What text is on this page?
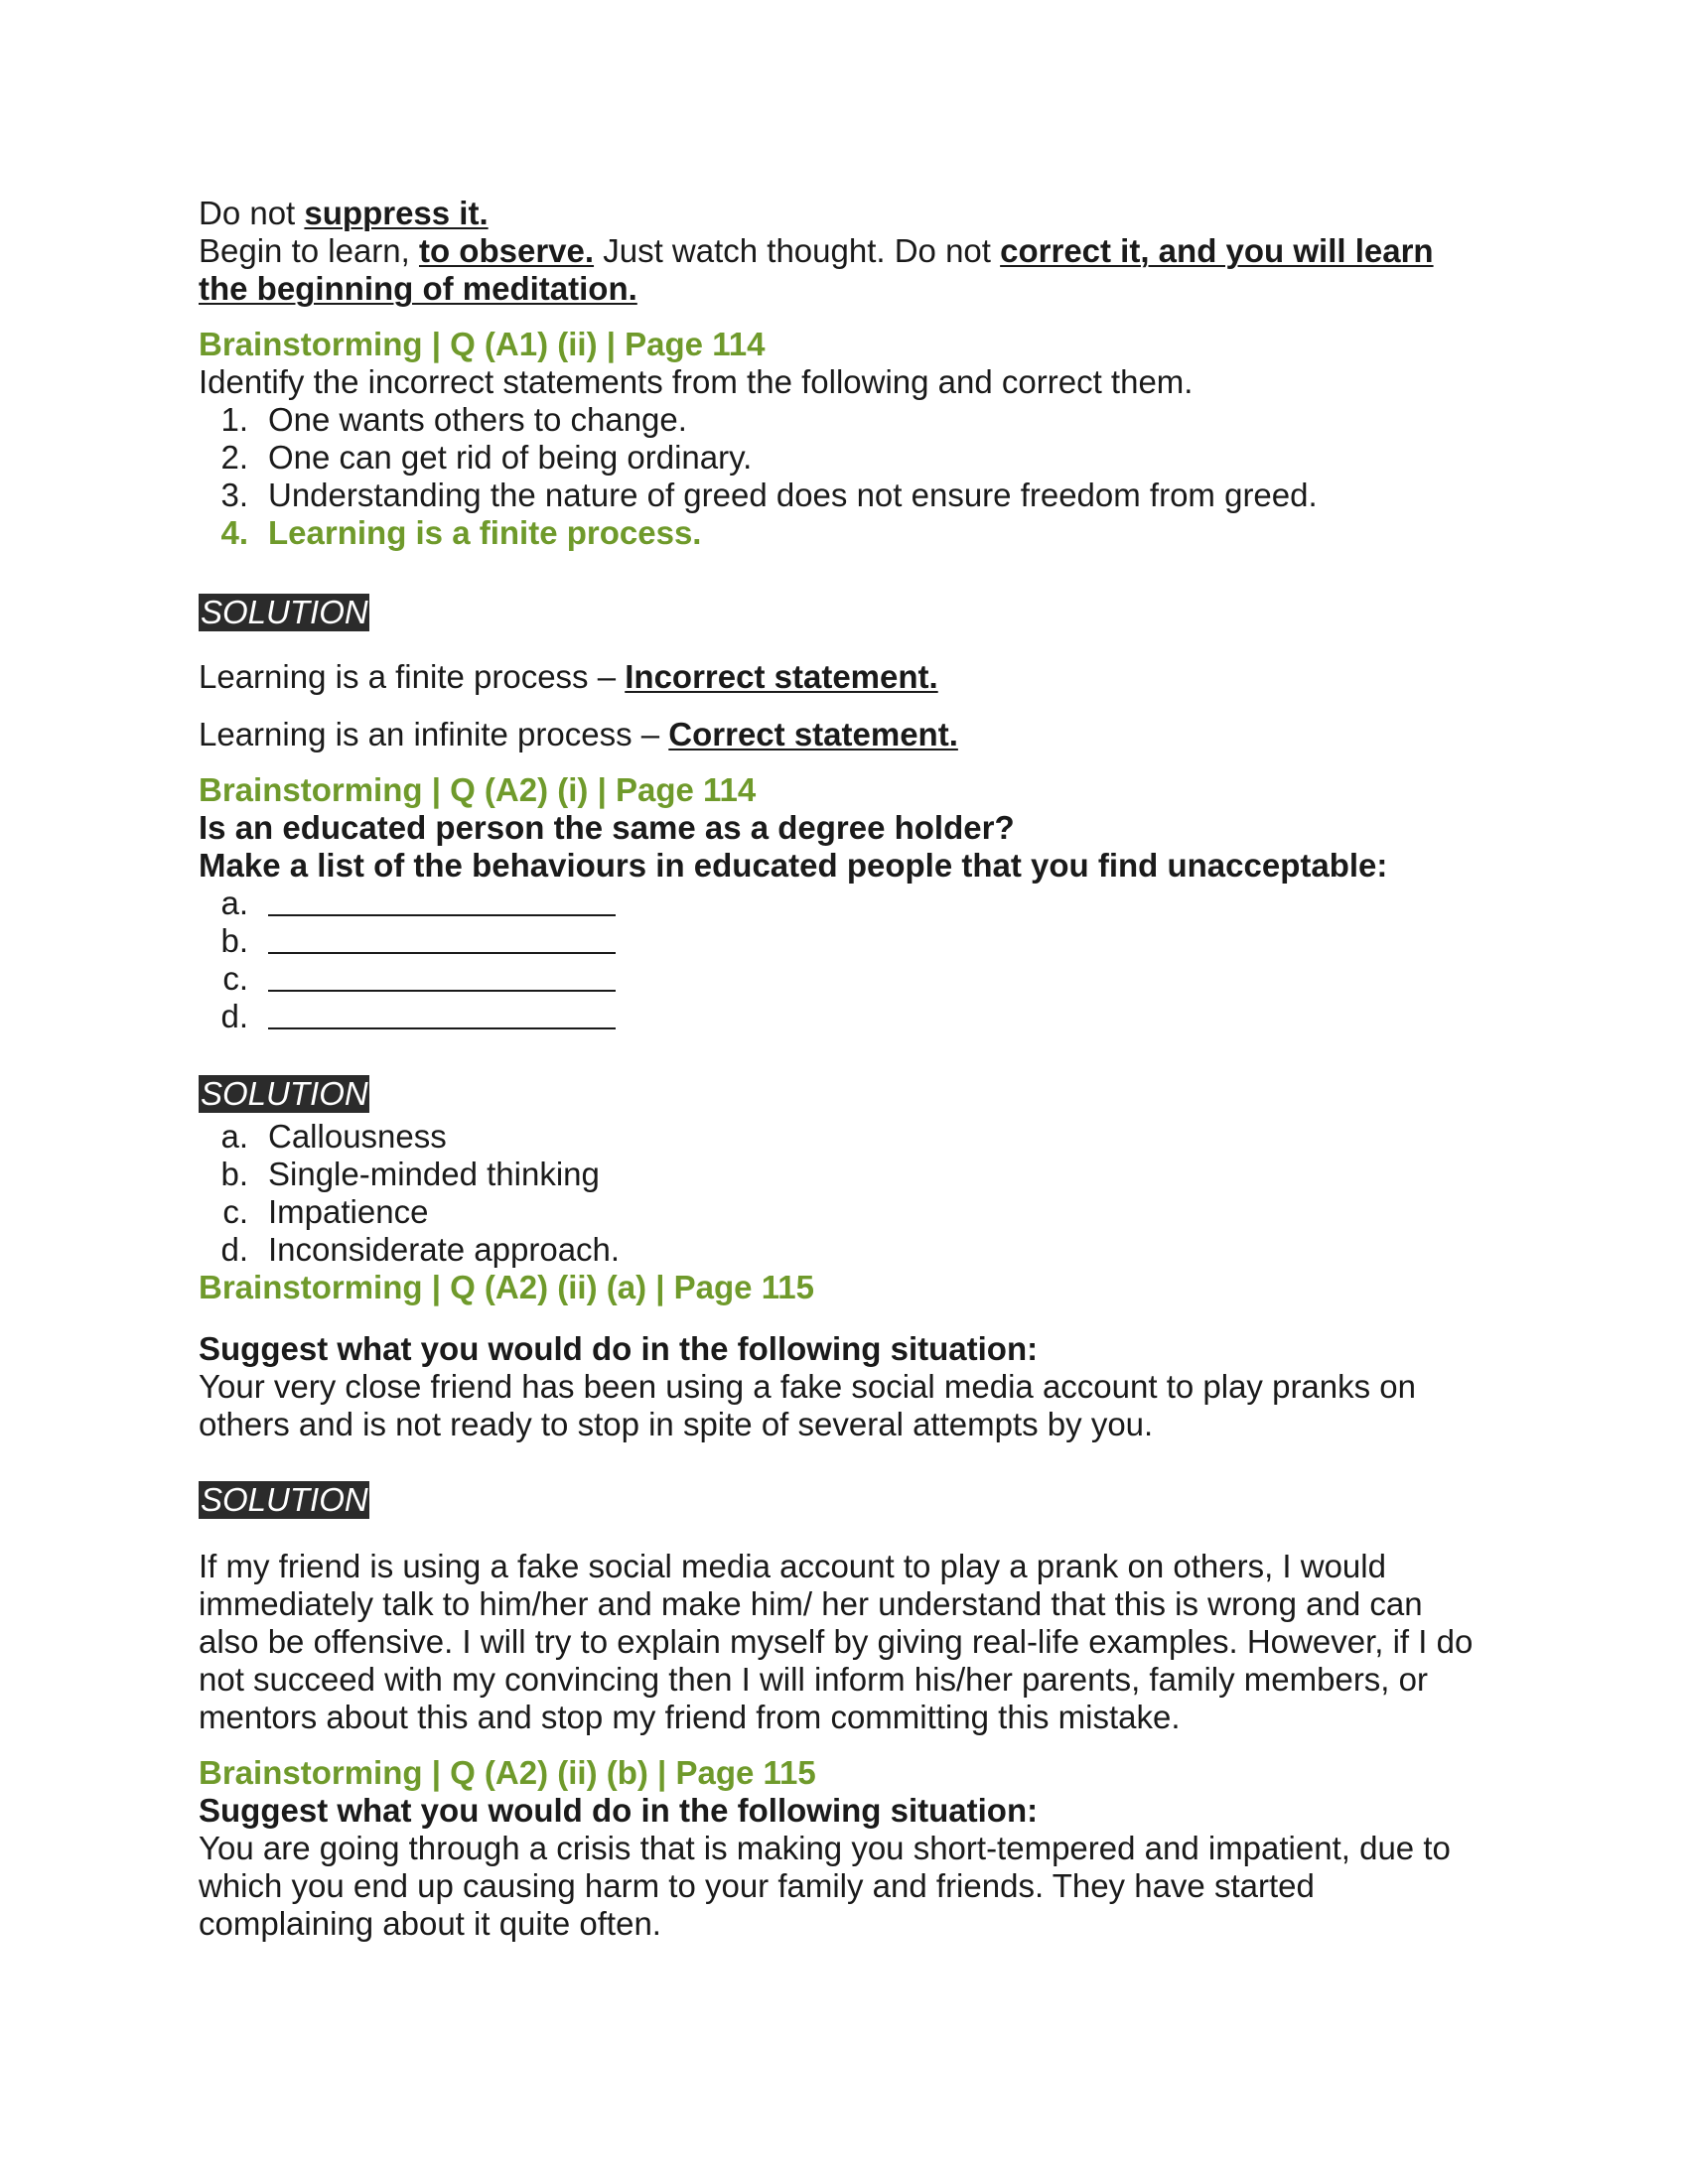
Do not suppress it.

Begin to learn, to observe. Just watch thought. Do not correct it, and you will learn

the beginning of meditation.

Brainstorming | Q (A1) (ii) | Page 114

Identify the incorrect statements from the following and correct them.

1. One wants others to change.
2. One can get rid of being ordinary.
3. Understanding the nature of greed does not ensure freedom from greed.
4. Learning is a finite process.
SOLUTION

Learning is a finite process – Incorrect statement.

Learning is an infinite process – Correct statement.

Brainstorming | Q (A2) (i) | Page 114

Is an educated person the same as a degree holder?

Make a list of the behaviours in educated people that you find unacceptable:

a.
b.
c.
d.
SOLUTION
a. Callousness
b. Single-minded thinking
c. Impatience
d. Inconsiderate approach.

Brainstorming | Q (A2) (ii) (a) | Page 115

Suggest what you would do in the following situation:

Your very close friend has been using a fake social media account to play pranks on

others and is not ready to stop in spite of several attempts by you.

SOLUTION

If my friend is using a fake social media account to play a prank on others, I would

immediately talk to him/her and make him/ her understand that this is wrong and can

also be offensive. I will try to explain myself by giving real-life examples. However, if I do

not succeed with my convincing then I will inform his/her parents, family members, or

mentors about this and stop my friend from committing this mistake.

Brainstorming | Q (A2) (ii) (b) | Page 115

Suggest what you would do in the following situation:

You are going through a crisis that is making you short-tempered and impatient, due to

which you end up causing harm to your family and friends. They have started

complaining about it quite often.
